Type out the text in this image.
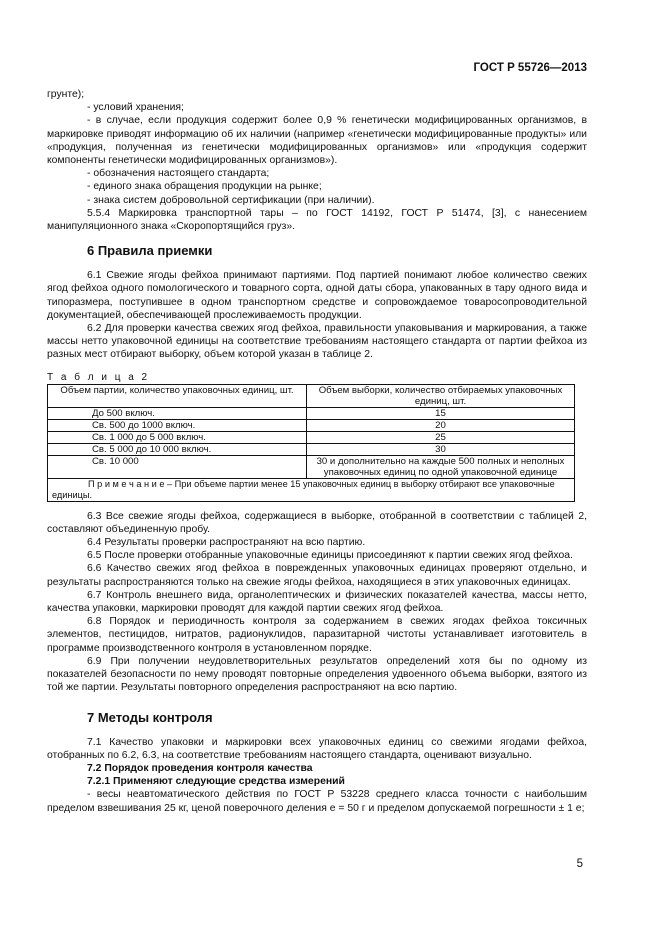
ГОСТ Р 55726—2013

грунте);

- условий хранения;

- в случае, если продукция содержит более 0,9 % генетически модифицированных организмов, в маркировке приводят информацию об их наличии (например «генетически модифицированные продукты» или «продукция, полученная из генетически модифицированных организмов» или «продукция содержит компоненты генетически модифицированных организмов»).

- обозначения настоящего стандарта;

- единого знака обращения продукции на рынке;

- знака систем добровольной сертификации (при наличии).

5.5.4 Маркировка транспортной тары – по ГОСТ 14192, ГОСТ Р 51474, [3], с нанесением манипуляционного знака «Скоропортящийся груз».

6 Правила приемки

6.1 Свежие ягоды фейхоа принимают партиями. Под партией понимают любое количество свежих ягод фейхоа одного помологического и товарного сорта, одной даты сбора, упакованных в тару одного вида и типоразмера, поступившее в одном транспортном средстве и сопровождаемое товаросопроводительной документацией, обеспечивающей прослеживаемость продукции.

6.2 Для проверки качества свежих ягод фейхоа, правильности упаковывания и маркирования, а также массы нетто упаковочной единицы на соответствие требованиям настоящего стандарта от партии фейхоа из разных мест отбирают выборку, объем которой указан в таблице 2.

Т а б л и ц а 2
Объем партии, количество упаковочных единиц, шт.	Объем выборки, количество отбираемых упаковочных единиц, шт.
До 500 включ.	15
Св. 500 до 1000 включ.	20
Св. 1 000 до 5 000 включ.	25
Св. 5 000 до 10 000 включ.	30
Св. 10 000	30 и дополнительно на каждые 500 полных и неполных упаковочных единиц по одной упаковочной единице
П р и м е ч а н и е – При объеме партии менее 15 упаковочных единиц в выборку отбирают все упаковочные единицы.	

6.3 Все свежие ягоды фейхоа, содержащиеся в выборке, отобранной в соответствии с таблицей 2, составляют объединенную пробу.

6.4 Результаты проверки распространяют на всю партию.

6.5 После проверки отобранные упаковочные единицы присоединяют к партии свежих ягод фейхоа.

6.6 Качество свежих ягод фейхоа в поврежденных упаковочных единицах проверяют отдельно, и результаты распространяются только на свежие ягоды фейхоа, находящиеся в этих упаковочных единицах.

6.7 Контроль внешнего вида, органолептических и физических показателей качества, массы нетто, качества упаковки, маркировки проводят для каждой партии свежих ягод фейхоа.

6.8 Порядок и периодичность контроля за содержанием в свежих ягодах фейхоа токсичных элементов, пестицидов, нитратов, радионуклидов, паразитарной чистоты устанавливает изготовитель в программе производственного контроля в установленном порядке.

6.9 При получении неудовлетворительных результатов определений хотя бы по одному из показателей безопасности по нему проводят повторные определения удвоенного объема выборки, взятого из той же партии. Результаты повторного определения распространяют на всю партию.

7 Методы контроля

7.1 Качество упаковки и маркировки всех упаковочных единиц со свежими ягодами фейхоа, отобранных по 6.2, 6.3, на соответствие требованиям настоящего стандарта, оценивают визуально.

7.2 Порядок проведения контроля качества

7.2.1 Применяют следующие средства измерений

- весы неавтоматического действия по ГОСТ Р 53228 среднего класса точности с наибольшим пределом взвешивания 25 кг, ценой поверочного деления e = 50 г и пределом допускаемой погрешности ± 1 e;

5
